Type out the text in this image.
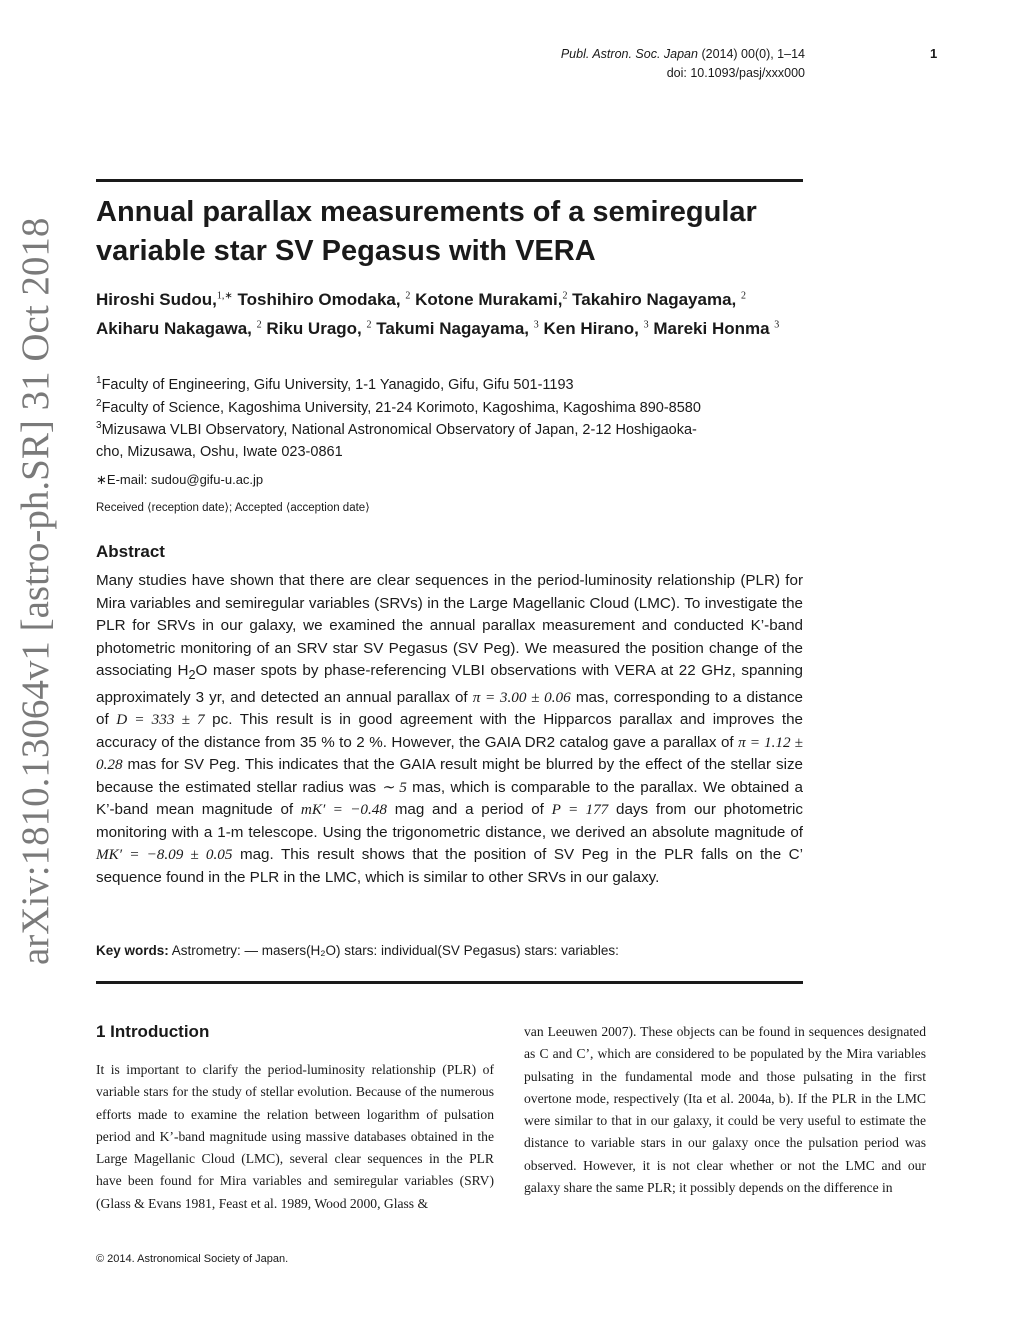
Publ. Astron. Soc. Japan (2014) 00(0), 1–14
doi: 10.1093/pasj/xxx000
1
arXiv:1810.13064v1 [astro-ph.SR] 31 Oct 2018
Annual parallax measurements of a semiregular variable star SV Pegasus with VERA
Hiroshi Sudou,$^{1,∗}$ Toshihiro Omodaka, $^2$ Kotone Murakami,$^2$ Takahiro Nagayama, $^2$ Akiharu Nakagawa, $^2$ Riku Urago, $^2$ Takumi Nagayama, $^3$ Ken Hirano, $^3$ Mareki Honma $^3$
$^1$Faculty of Engineering, Gifu University, 1-1 Yanagido, Gifu, Gifu 501-1193
$^2$Faculty of Science, Kagoshima University, 21-24 Korimoto, Kagoshima, Kagoshima 890-8580
$^3$Mizusawa VLBI Observatory, National Astronomical Observatory of Japan, 2-12 Hoshigaoka-cho, Mizusawa, Oshu, Iwate 023-0861
∗E-mail: sudou@gifu-u.ac.jp
Received ⟨reception date⟩; Accepted ⟨acception date⟩
Abstract
Many studies have shown that there are clear sequences in the period-luminosity relationship (PLR) for Mira variables and semiregular variables (SRVs) in the Large Magellanic Cloud (LMC). To investigate the PLR for SRVs in our galaxy, we examined the annual parallax measurement and conducted K’-band photometric monitoring of an SRV star SV Pegasus (SV Peg). We measured the position change of the associating $H_2O$ maser spots by phase-referencing VLBI observations with VERA at 22 GHz, spanning approximately 3 yr, and detected an annual parallax of π = 3.00 ± 0.06 mas, corresponding to a distance of D = 333 ± 7 pc. This result is in good agreement with the Hipparcos parallax and improves the accuracy of the distance from 35 % to 2 %. However, the GAIA DR2 catalog gave a parallax of π = 1.12 ± 0.28 mas for SV Peg. This indicates that the GAIA result might be blurred by the effect of the stellar size because the estimated stellar radius was ∼ 5 mas, which is comparable to the parallax. We obtained a K’-band mean magnitude of mK′ = −0.48 mag and a period of P = 177 days from our photometric monitoring with a 1-m telescope. Using the trigonometric distance, we derived an absolute magnitude of MK′ = −8.09 ± 0.05 mag. This result shows that the position of SV Peg in the PLR falls on the C’ sequence found in the PLR in the LMC, which is similar to other SRVs in our galaxy.
Key words: Astrometry: — masers(H₂O) stars: individual(SV Pegasus) stars: variables:
1 Introduction
It is important to clarify the period-luminosity relationship (PLR) of variable stars for the study of stellar evolution. Because of the numerous efforts made to examine the relation between logarithm of pulsation period and K’-band magnitude using massive databases obtained in the Large Magellanic Cloud (LMC), several clear sequences in the PLR have been found for Mira variables and semiregular variables (SRV) (Glass & Evans 1981, Feast et al. 1989, Wood 2000, Glass &
van Leeuwen 2007). These objects can be found in sequences designated as C and C’, which are considered to be populated by the Mira variables pulsating in the fundamental mode and those pulsating in the first overtone mode, respectively (Ita et al. 2004a, b). If the PLR in the LMC were similar to that in our galaxy, it could be very useful to estimate the distance to variable stars in our galaxy once the pulsation period was observed. However, it is not clear whether or not the LMC and our galaxy share the same PLR; it possibly depends on the difference in
© 2014. Astronomical Society of Japan.
